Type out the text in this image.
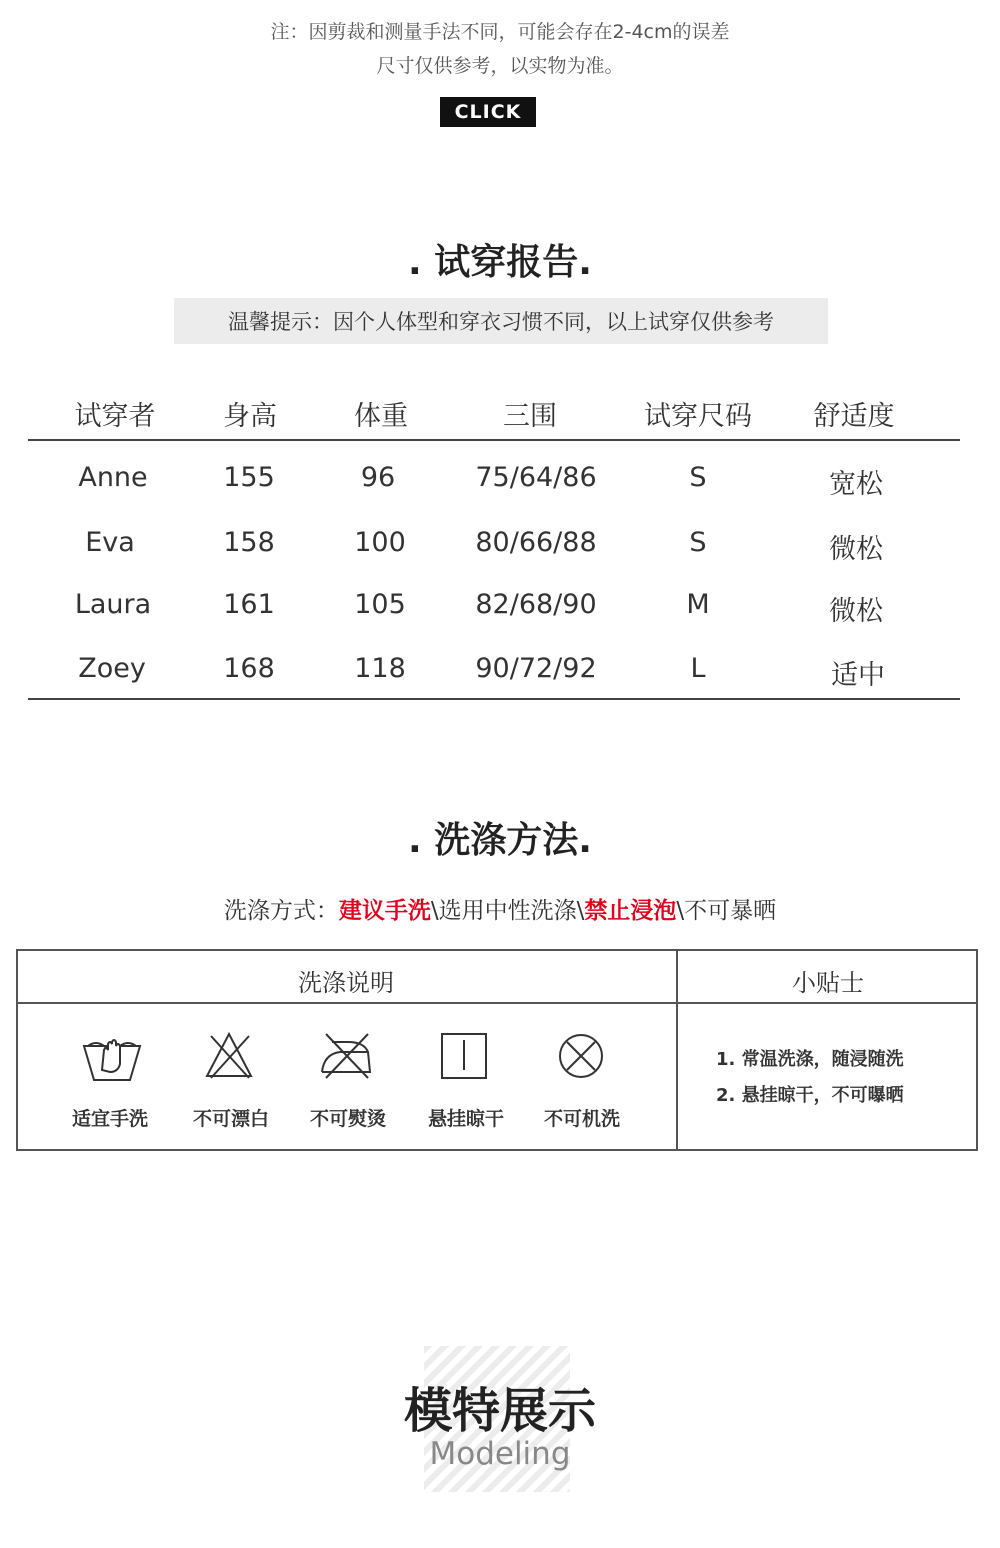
注：因剪裁和测量手法不同，可能会存在2-4cm的误差
尺寸仅供参考，以实物为准。
CLICK
. 试穿报告.
温馨提示：因个人体型和穿衣习惯不同，以上试穿仅供参考
试穿者	身高	体重	三围	试穿尺码 舒适度
Anne	155	96	75/64/86	S	宽松
Eva	158	100	80/66/88	S	微松
Laura	161	105	82/68/90	M	微松
Zoey	168	118	90/72/92	L	适中
. 洗涤方法.
洗涤方式：建议手洗\选用中性洗涤\禁止浸泡\不可暴晒
洗涤说明	小贴士
适宜手洗	不可漂白	不可熨烫	悬挂晾干	不可机洗
1. 常温洗涤，随浸随洗
2. 悬挂晾干，不可曝晒
模特展示
Modeling
